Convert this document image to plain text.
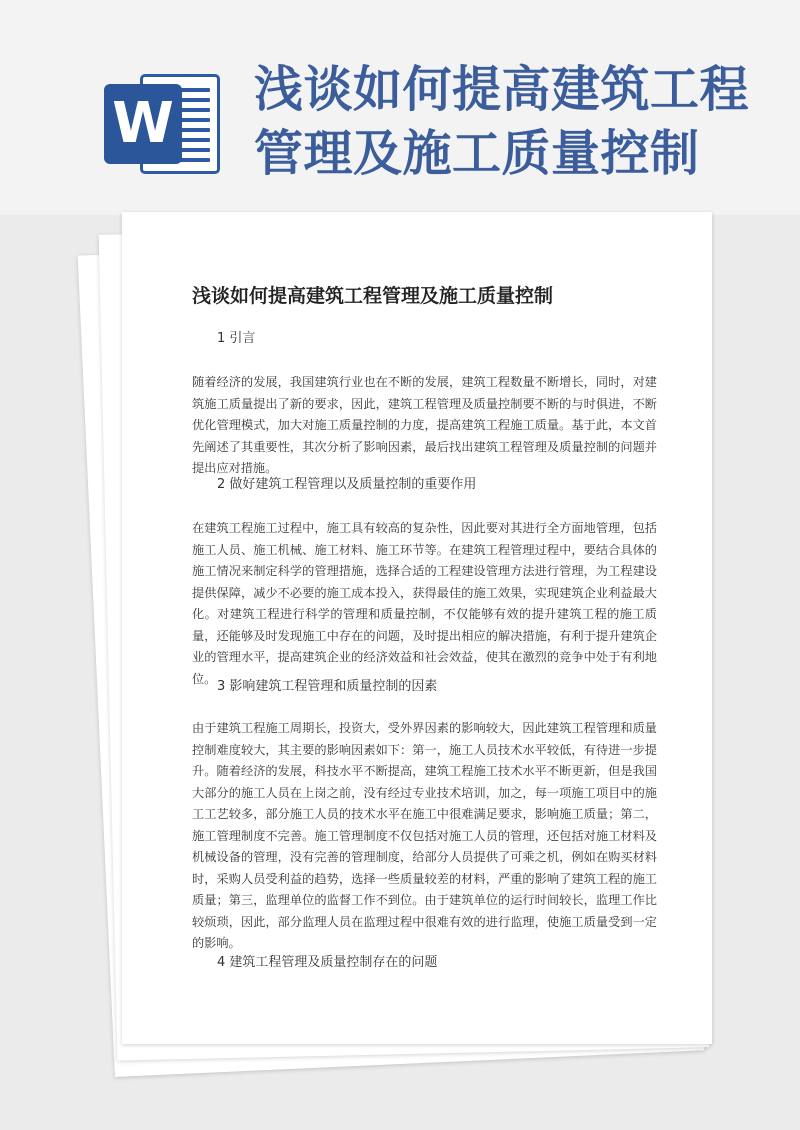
W
浅谈如何提高建筑工程管理及施工质量控制
浅谈如何提高建筑工程管理及施工质量控制

1 引言

随着经济的发展，我国建筑行业也在不断的发展，建筑工程数量不断增长，同时，对建筑施工质量提出了新的要求，因此，建筑工程管理及质量控制要不断的与时俱进，不断优化管理模式，加大对施工质量控制的力度，提高建筑工程施工质量。基于此，本文首先阐述了其重要性，其次分析了影响因素，最后找出建筑工程管理及质量控制的问题并提出应对措施。

2 做好建筑工程管理以及质量控制的重要作用

在建筑工程施工过程中，施工具有较高的复杂性，因此要对其进行全方面地管理，包括施工人员、施工机械、施工材料、施工环节等。在建筑工程管理过程中，要结合具体的施工情况来制定科学的管理措施，选择合适的工程建设管理方法进行管理，为工程建设提供保障，减少不必要的施工成本投入，获得最佳的施工效果，实现建筑企业利益最大化。对建筑工程进行科学的管理和质量控制，不仅能够有效的提升建筑工程的施工质量，还能够及时发现施工中存在的问题，及时提出相应的解决措施，有利于提升建筑企业的管理水平，提高建筑企业的经济效益和社会效益，使其在激烈的竞争中处于有利地位。

3 影响建筑工程管理和质量控制的因素

由于建筑工程施工周期长，投资大，受外界因素的影响较大，因此建筑工程管理和质量控制难度较大，其主要的影响因素如下：第一，施工人员技术水平较低，有待进一步提升。随着经济的发展，科技水平不断提高，建筑工程施工技术水平不断更新，但是我国大部分的施工人员在上岗之前，没有经过专业技术培训，加之，每一项施工项目中的施工工艺较多，部分施工人员的技术水平在施工中很难满足要求，影响施工质量；第二，施工管理制度不完善。施工管理制度不仅包括对施工人员的管理，还包括对施工材料及机械设备的管理，没有完善的管理制度，给部分人员提供了可乘之机，例如在购买材料时，采购人员受利益的趋势，选择一些质量较差的材料，严重的影响了建筑工程的施工质量；第三，监理单位的监督工作不到位。由于建筑单位的运行时间较长，监理工作比较烦琐，因此，部分监理人员在监理过程中很难有效的进行监理，使施工质量受到一定的影响。

4 建筑工程管理及质量控制存在的问题
